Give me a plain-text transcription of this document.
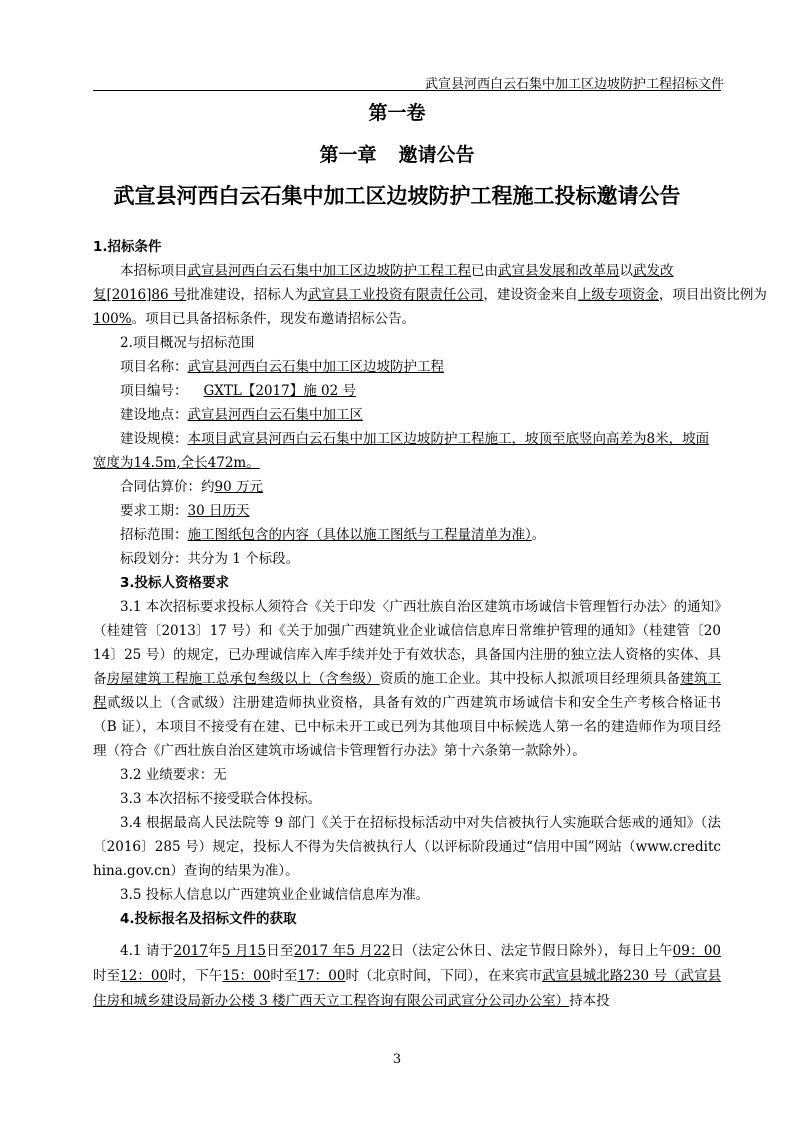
武宣县河西白云石集中加工区边坡防护工程招标文件
第一卷
第一章 邀请公告
武宣县河西白云石集中加工区边坡防护工程施工投标邀请公告
1.招标条件
本招标项目武宣县河西白云石集中加工区边坡防护工程工程已由武宣县发展和改革局以武发改
复[2016]86 号批准建设，招标人为武宣县工业投资有限责任公司，建设资金来自上级专项资金，项目出资比例为
100%。项目已具备招标条件，现发布邀请招标公告。
2.项目概况与招标范围
项目名称：武宣县河西白云石集中加工区边坡防护工程
项目编号： GXTL【2017】施 02 号
建设地点：武宣县河西白云石集中加工区
建设规模：本项目武宣县河西白云石集中加工区边坡防护工程施工，坡顶至底竖向高差为8米，坡面宽度为14.5m,全长472m。
合同估算价：约90 万元
要求工期：30 日历天
招标范围：施工图纸包含的内容（具体以施工图纸与工程量清单为准）。
标段划分：共分为 1 个标段。
3.投标人资格要求
3.1 本次招标要求投标人须符合《关于印发〈广西壮族自治区建筑市场诚信卡管理暂行办法〉的通知》（桂建管〔2013〕17 号）和《关于加强广西建筑业企业诚信信息库日常维护管理的通知》（桂建管〔2014〕25 号）的规定，已办理诚信库入库手续并处于有效状态，具备国内注册的独立法人资格的实体、具备房屋建筑工程施工总承包叁级以上（含叁级）资质的施工企业。其中投标人拟派项目经理须具备建筑工程贰级以上（含贰级）注册建造师执业资格，具备有效的广西建筑市场诚信卡和安全生产考核合格证书（B 证），本项目不接受有在建、已中标未开工或已列为其他项目中标候选人第一名的建造师作为项目经理（符合《广西壮族自治区建筑市场诚信卡管理暂行办法》第十六条第一款除外）。
3.2 业绩要求：无
3.3 本次招标不接受联合体投标。
3.4 根据最高人民法院等 9 部门《关于在招标投标活动中对失信被执行人实施联合惩戒的通知》（法〔2016〕285 号）规定，投标人不得为失信被执行人（以评标阶段通过“信用中国”网站（www.creditchina.gov.cn）查询的结果为准）。
3.5 投标人信息以广西建筑业企业诚信信息库为准。
4.投标报名及招标文件的获取
4.1 请于2017年5 月15日至2017 年5 月22日（法定公休日、法定节假日除外），每日上午09：00时至12：00时，下午15：00时至17：00时（北京时间，下同），在来宾市武宣县城北路230 号（武宣县住房和城乡建设局新办公楼 3 楼广西天立工程咨询有限公司武宣分公司办公室）持本投
3
